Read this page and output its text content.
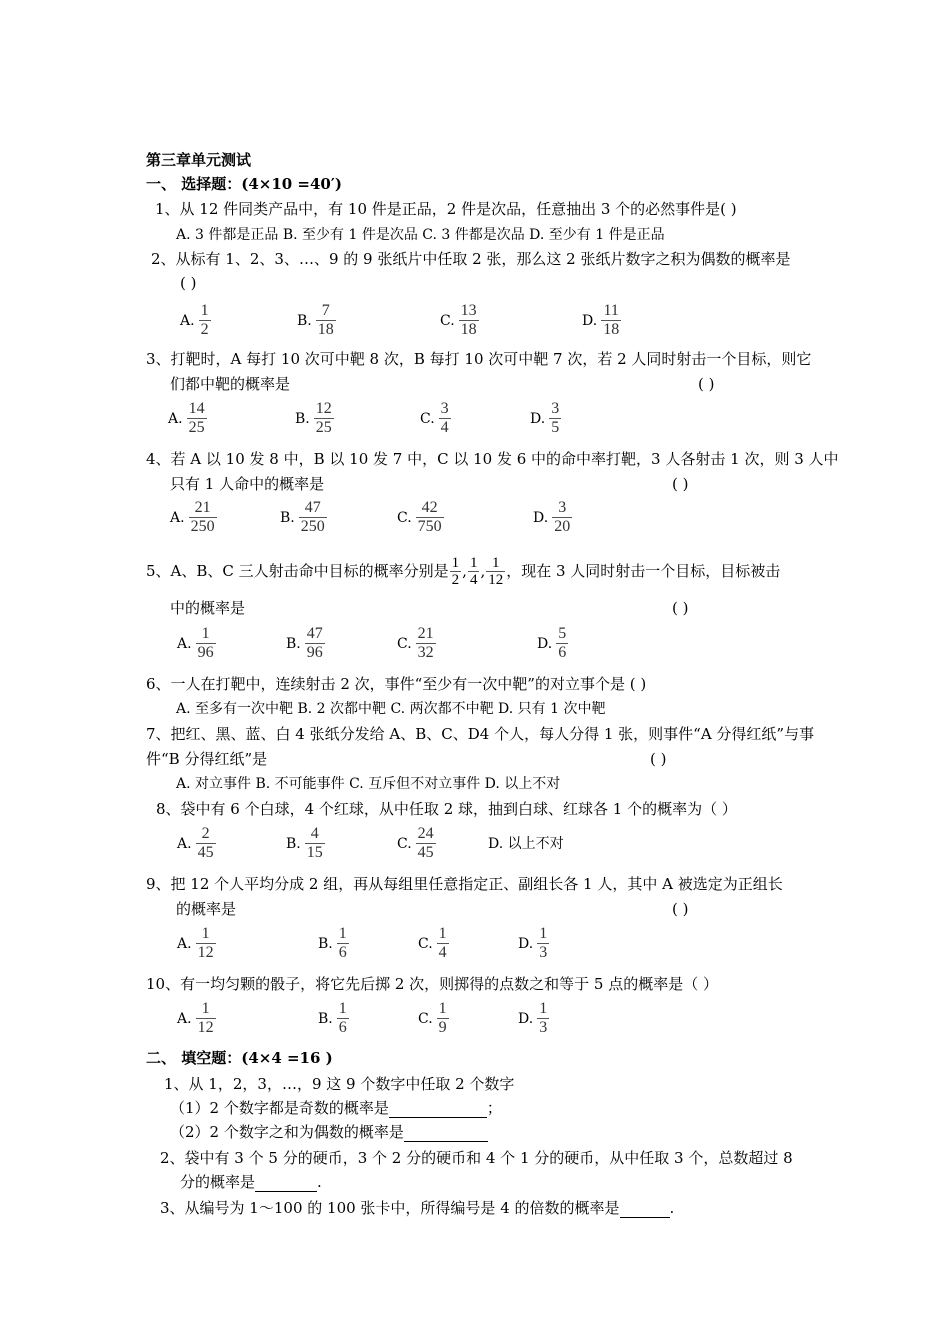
第三章单元测试
一、 选择题：(4×10 =40′)
1、从 12 件同类产品中，有 10 件是正品，2 件是次品，任意抽出 3 个的必然事件是( )
A. 3 件都是正品 B. 至少有 1 件是次品 C. 3 件都是次品 D. 至少有 1 件是正品
2、从标有 1、2、3、…、9 的 9 张纸片中任取 2 张，那么这 2 张纸片数字之积为偶数的概率是
( )
A. $\frac{1}{2}$	B. $\frac{7}{18}$	C. $\frac{13}{18}$	D. $\frac{11}{18}$
3、打靶时，A 每打 10 次可中靶 8 次，B 每打 10 次可中靶 7 次，若 2 人同时射击一个目标，则它
们都中靶的概率是	( )
A. $\frac{14}{25}$	B. $\frac{12}{25}$	C. $\frac{3}{4}$	D. $\frac{3}{5}$
4、若 A 以 10 发 8 中，B 以 10 发 7 中，C 以 10 发 6 中的命中率打靶，3 人各射击 1 次，则 3 人中
只有 1 人命中的概率是	( )
A. $\frac{21}{250}$	B. $\frac{47}{250}$	C. $\frac{42}{750}$	D. $\frac{3}{20}$
5、A、B、C 三人射击命中目标的概率分别是 1
2 , 1
4 , 1
12 ，现在 3 人同时射击一个目标，目标被击
中的概率是	( )
A. $\frac{1}{96}$	B. $\frac{47}{96}$	C. $\frac{21}{32}$	D. $\frac{5}{6}$
6、一人在打靶中，连续射击 2 次，事件“至少有一次中靶”的对立事个是 ( )
A. 至多有一次中靶 B. 2 次都中靶 C. 两次都不中靶 D. 只有 1 次中靶
7、把红、黑、蓝、白 4 张纸分发给 A、B、C、D4 个人，每人分得 1 张，则事件“A 分得红纸”与事
件“B 分得红纸”是	( )
A. 对立事件 B. 不可能事件 C. 互斥但不对立事件 D. 以上不对
8、袋中有 6 个白球，4 个红球，从中任取 2 球，抽到白球、红球各 1 个的概率为（ ）
A. $\frac{2}{45}$	B. $\frac{4}{15}$	C. $\frac{24}{45}$	D. 以上不对
9、把 12 个人平均分成 2 组，再从每组里任意指定正、副组长各 1 人，其中 A 被选定为正组长
的概率是	( )
A. $\frac{1}{12}$	B. $\frac{1}{6}$	C. $\frac{1}{4}$	D. $\frac{1}{3}$
10、有一均匀颗的骰子，将它先后掷 2 次，则掷得的点数之和等于 5 点的概率是（ ）
A. $\frac{1}{12}$	B. $\frac{1}{6}$	C. $\frac{1}{9}$	D. $\frac{1}{3}$
二、 填空题：(4×4 =16 )
1、从 1，2，3，…，9 这 9 个数字中任取 2 个数字
（1）2 个数字都是奇数的概率是	；
（2）2 个数字之和为偶数的概率是
2、袋中有 3 个 5 分的硬币，3 个 2 分的硬币和 4 个 1 分的硬币，从中任取 3 个，总数超过 8
分的概率是	.
3、从编号为 1～100 的 100 张卡中，所得编号是 4 的倍数的概率是	.
